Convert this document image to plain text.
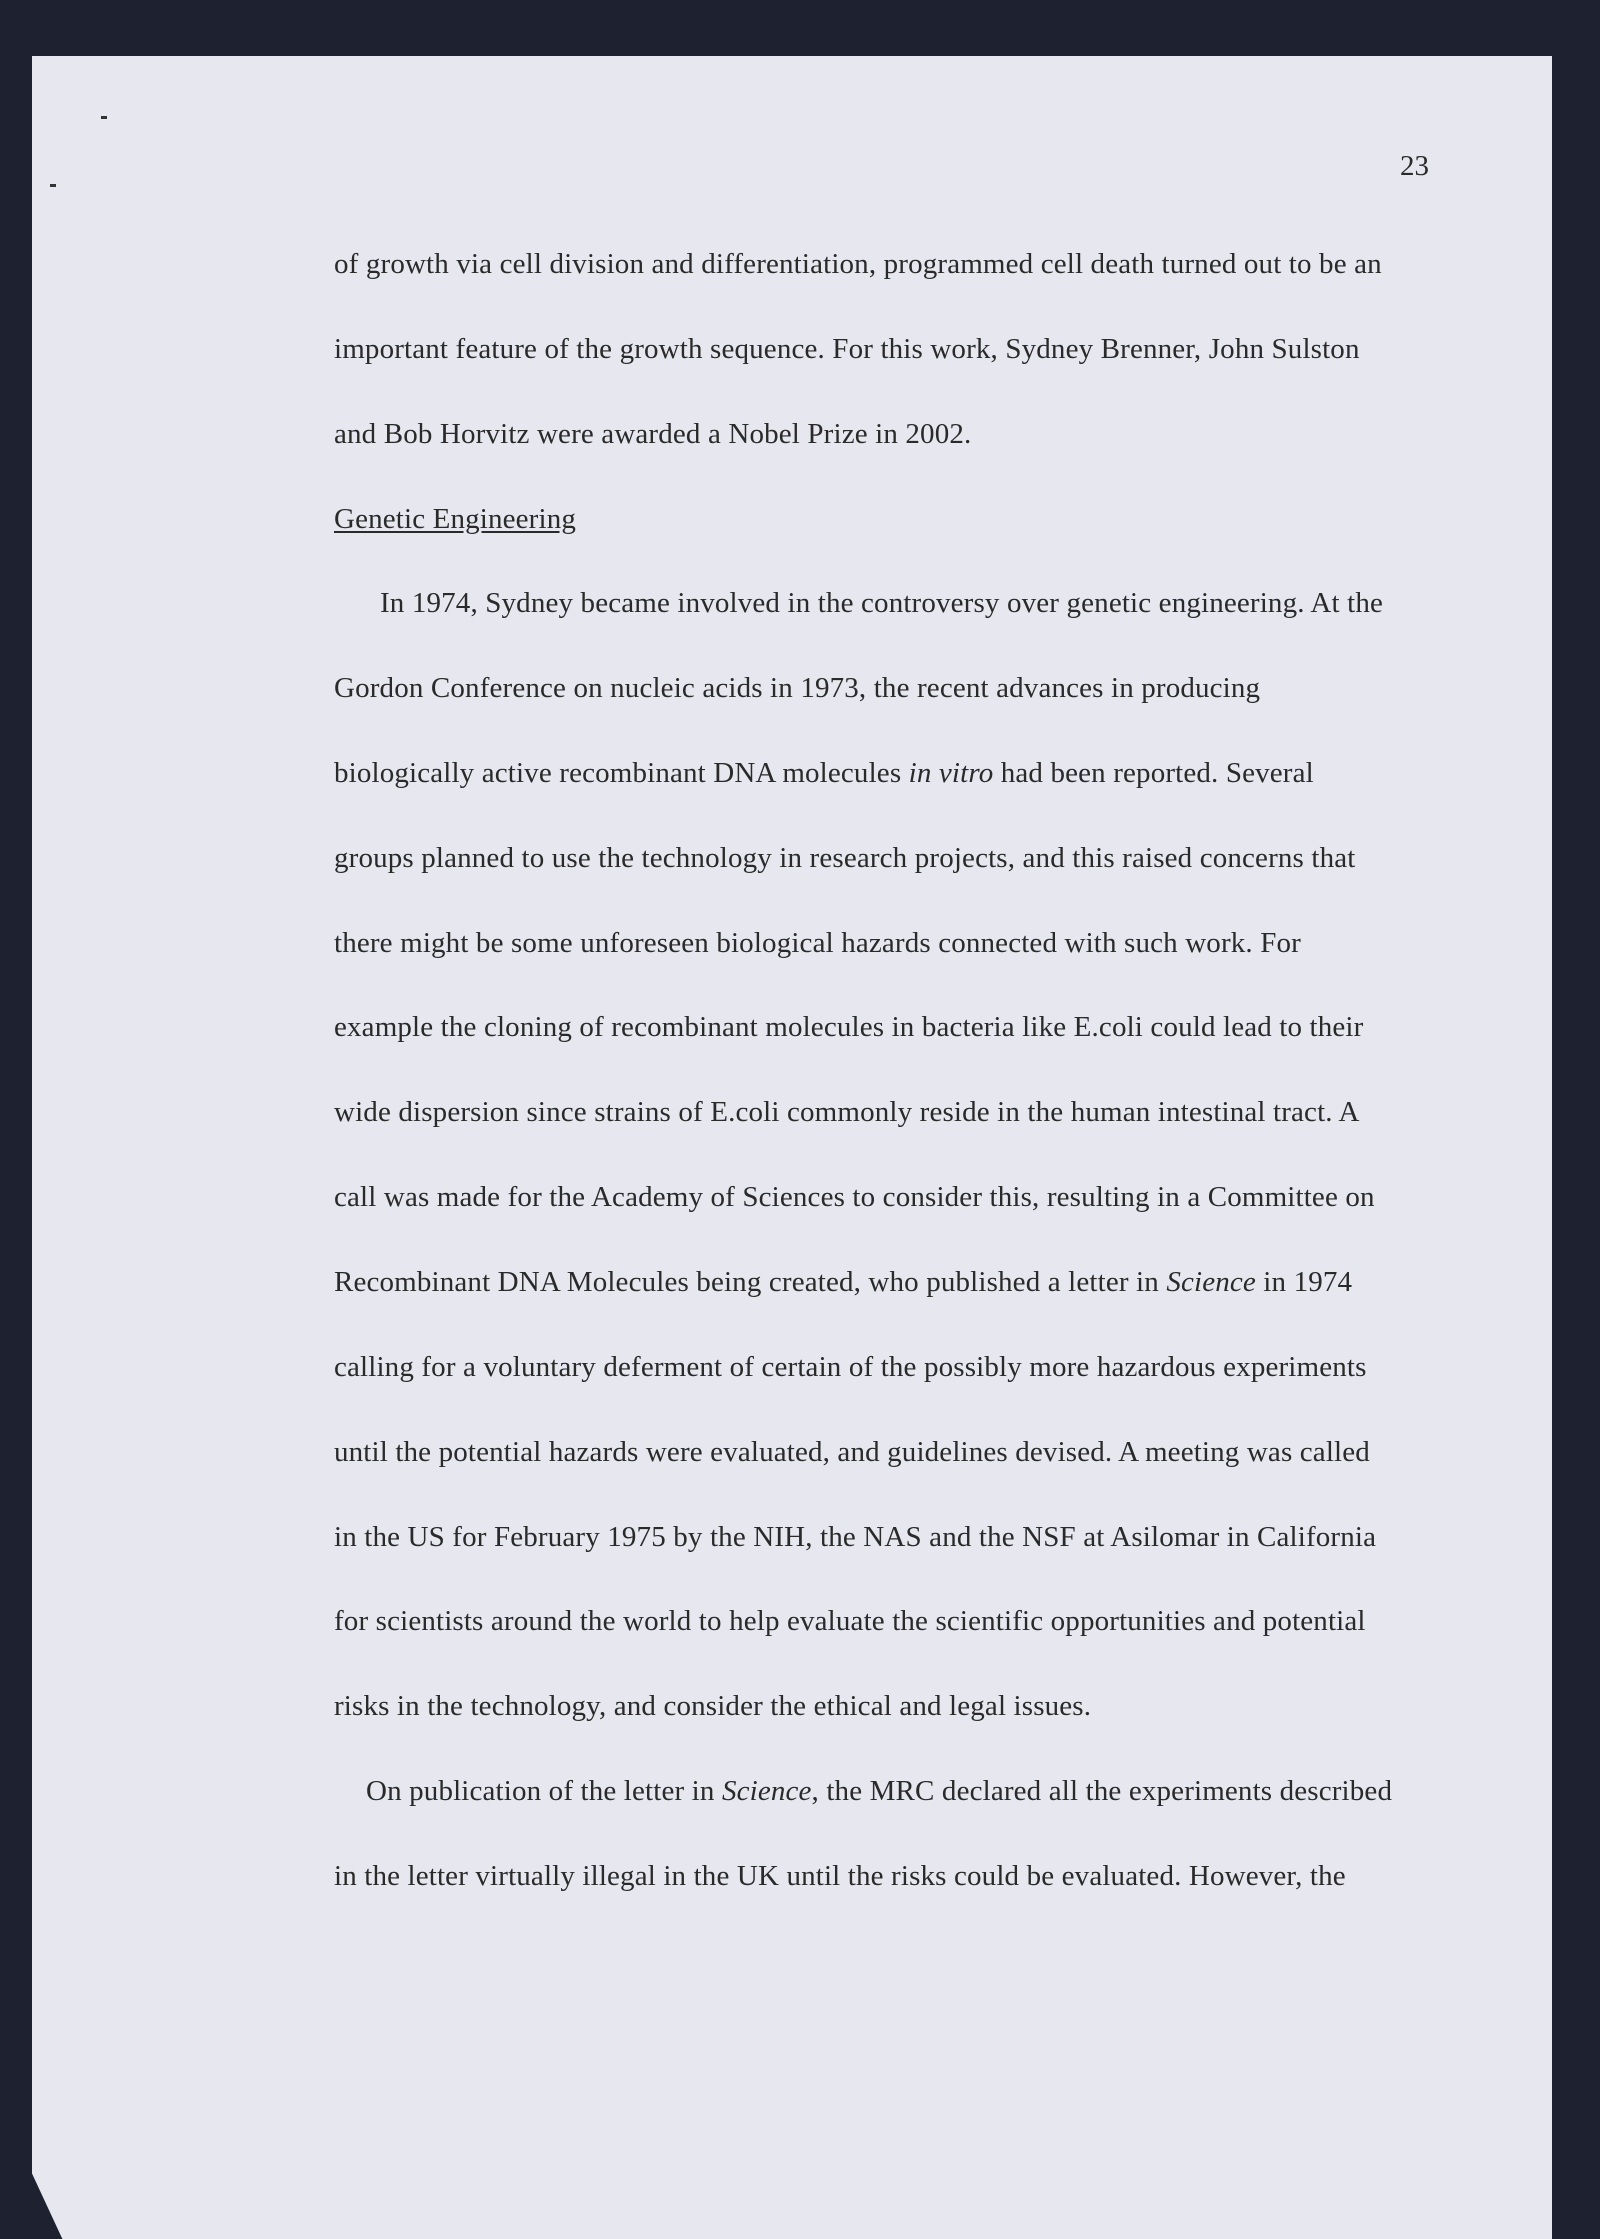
23
of growth via cell division and differentiation, programmed cell death turned out to be an
important feature of the growth sequence. For this work, Sydney Brenner, John Sulston
and Bob Horvitz were awarded a Nobel Prize in 2002.
Genetic Engineering
In 1974, Sydney became involved in the controversy over genetic engineering. At the
Gordon Conference on nucleic acids in 1973, the recent advances in producing
biologically active recombinant DNA molecules in vitro had been reported. Several
groups planned to use the technology in research projects, and this raised concerns that
there might be some unforeseen biological hazards connected with such work. For
example the cloning of recombinant molecules in bacteria like E.coli could lead to their
wide dispersion since strains of E.coli commonly reside in the human intestinal tract. A
call was made for the Academy of Sciences to consider this, resulting in a Committee on
Recombinant DNA Molecules being created, who published a letter in Science in 1974
calling for a voluntary deferment of certain of the possibly more hazardous experiments
until the potential hazards were evaluated, and guidelines devised. A meeting was called
in the US for February 1975 by the NIH, the NAS and the NSF at Asilomar in California
for scientists around the world to help evaluate the scientific opportunities and potential
risks in the technology, and consider the ethical and legal issues.
On publication of the letter in Science, the MRC declared all the experiments described
in the letter virtually illegal in the UK until the risks could be evaluated. However, the
